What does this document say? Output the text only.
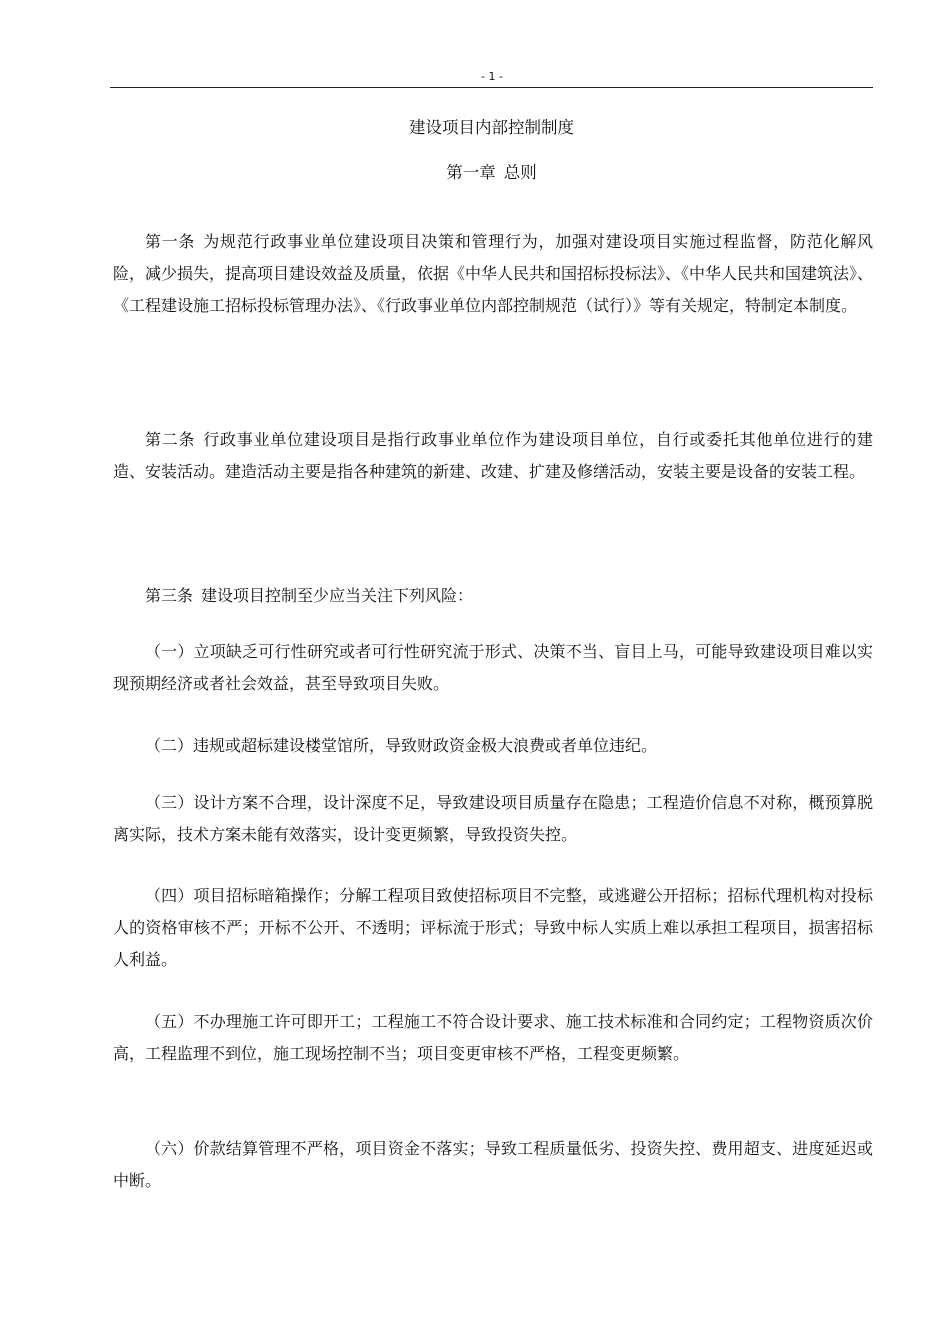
- 1 -
建设项目内部控制制度
第一章 总则

第一条 为规范行政事业单位建设项目决策和管理行为，加强对建设项目实施过程监督，防范化解风险，减少损失，提高项目建设效益及质量，依据《中华人民共和国招标投标法》、《中华人民共和国建筑法》、《工程建设施工招标投标管理办法》、《行政事业单位内部控制规范（试行）》等有关规定，特制定本制度。

第二条 行政事业单位建设项目是指行政事业单位作为建设项目单位，自行或委托其他单位进行的建造、安装活动。建造活动主要是指各种建筑的新建、改建、扩建及修缮活动，安装主要是设备的安装工程。

第三条 建设项目控制至少应当关注下列风险：

（一）立项缺乏可行性研究或者可行性研究流于形式、决策不当、盲目上马，可能导致建设项目难以实现预期经济或者社会效益，甚至导致项目失败。

（二）违规或超标建设楼堂馆所，导致财政资金极大浪费或者单位违纪。

（三）设计方案不合理，设计深度不足，导致建设项目质量存在隐患；工程造价信息不对称，概预算脱离实际，技术方案未能有效落实，设计变更频繁，导致投资失控。

（四）项目招标暗箱操作；分解工程项目致使招标项目不完整，或逃避公开招标；招标代理机构对投标人的资格审核不严；开标不公开、不透明；评标流于形式；导致中标人实质上难以承担工程项目，损害招标人利益。

（五）不办理施工许可即开工；工程施工不符合设计要求、施工技术标准和合同约定；工程物资质次价高，工程监理不到位，施工现场控制不当；项目变更审核不严格，工程变更频繁。

（六）价款结算管理不严格，项目资金不落实；导致工程质量低劣、投资失控、费用超支、进度延迟或中断。
